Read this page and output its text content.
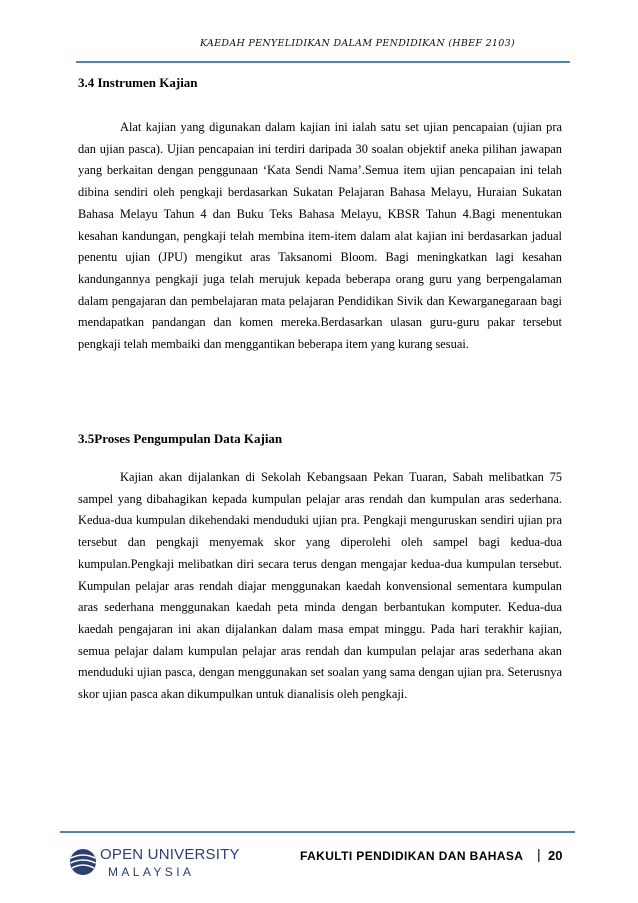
KAEDAH PENYELIDIKAN DALAM PENDIDIKAN (HBEF 2103)
3.4 Instrumen Kajian

Alat kajian yang digunakan dalam kajian ini ialah satu set ujian pencapaian (ujian pra dan ujian pasca). Ujian pencapaian ini terdiri daripada 30 soalan objektif aneka pilihan jawapan yang berkaitan dengan penggunaan ‘Kata Sendi Nama’.Semua item ujian pencapaian ini telah dibina sendiri oleh pengkaji berdasarkan Sukatan Pelajaran Bahasa Melayu, Huraian Sukatan Bahasa Melayu Tahun 4 dan Buku Teks Bahasa Melayu, KBSR Tahun 4.Bagi menentukan kesahan kandungan, pengkaji telah membina item-item dalam alat kajian ini berdasarkan jadual penentu ujian (JPU) mengikut aras Taksanomi Bloom. Bagi meningkatkan lagi kesahan kandungannya pengkaji juga telah merujuk kepada beberapa orang guru yang berpengalaman dalam pengajaran dan pembelajaran mata pelajaran Pendidikan Sivik dan Kewarganegaraan bagi mendapatkan pandangan dan komen mereka.Berdasarkan ulasan guru-guru pakar tersebut pengkaji telah membaiki dan menggantikan beberapa item yang kurang sesuai.

3.5Proses Pengumpulan Data Kajian

Kajian akan dijalankan di Sekolah Kebangsaan Pekan Tuaran, Sabah melibatkan 75 sampel yang dibahagikan kepada kumpulan pelajar aras rendah dan kumpulan aras sederhana. Kedua-dua kumpulan dikehendaki menduduki ujian pra. Pengkaji menguruskan sendiri ujian pra tersebut dan pengkaji menyemak skor yang diperolehi oleh sampel bagi kedua-dua kumpulan.Pengkaji melibatkan diri secara terus dengan mengajar kedua-dua kumpulan tersebut. Kumpulan pelajar aras rendah diajar menggunakan kaedah konvensional sementara kumpulan aras sederhana menggunakan kaedah peta minda dengan berbantukan komputer. Kedua-dua kaedah pengajaran ini akan dijalankan dalam masa empat minggu. Pada hari terakhir kajian, semua pelajar dalam kumpulan pelajar aras rendah dan kumpulan pelajar aras sederhana akan menduduki ujian pasca, dengan menggunakan set soalan yang sama dengan ujian pra. Seterusnya skor ujian pasca akan dikumpulkan untuk dianalisis oleh pengkaji.

OPEN UNIVERSITY
MALAYSIA
FAKULTI PENDIDIKAN DAN BAHASA | 20
